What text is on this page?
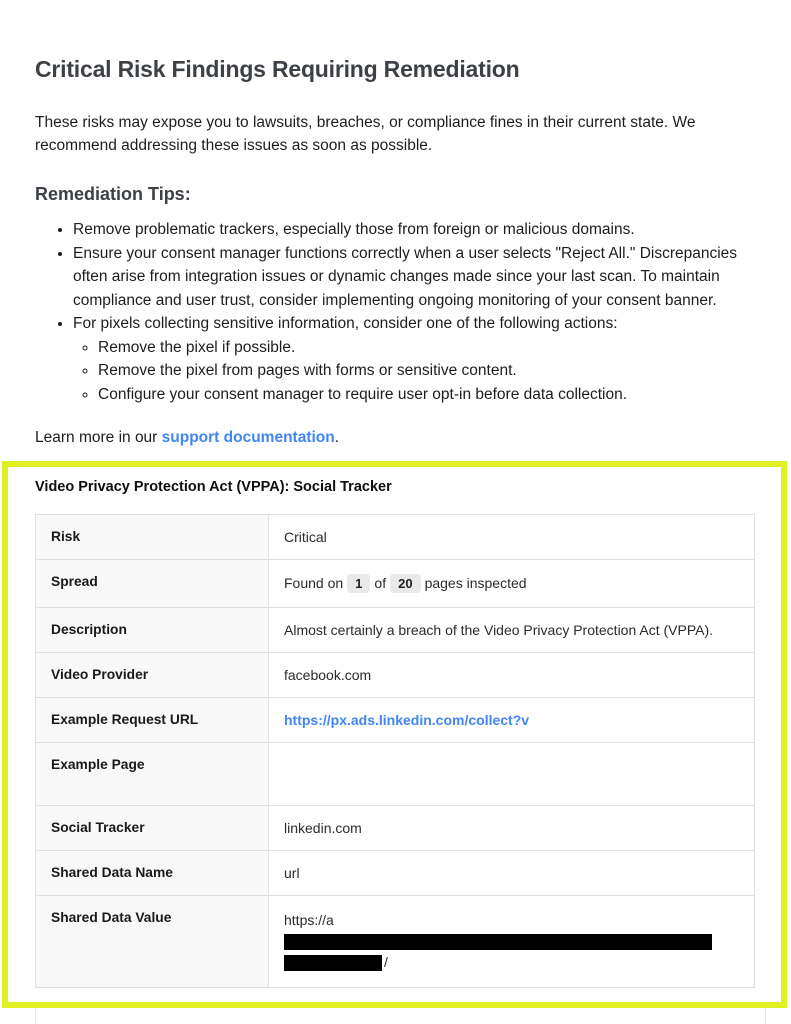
Critical Risk Findings Requiring Remediation

These risks may expose you to lawsuits, breaches, or compliance fines in their current state. We recommend addressing these issues as soon as possible.

Remediation Tips:
• Remove problematic trackers, especially those from foreign or malicious domains.
• Ensure your consent manager functions correctly when a user selects "Reject All." Discrepancies often arise from integration issues or dynamic changes made since your last scan. To maintain compliance and user trust, consider implementing ongoing monitoring of your consent banner.
• For pixels collecting sensitive information, consider one of the following actions:
◦ Remove the pixel if possible.
◦ Remove the pixel from pages with forms or sensitive content.
◦ Configure your consent manager to require user opt-in before data collection.

Learn more in our support documentation.

Video Privacy Protection Act (VPPA): Social Tracker
Risk	Critical
Spread	Found on 1 of 20 pages inspected
Description	Almost certainly a breach of the Video Privacy Protection Act (VPPA).
Video Provider	facebook.com
Example Request URL	https://px.ads.linkedin.com/collect?v
Example Page	
Social Tracker	linkedin.com
Shared Data Name	url
Shared Data Value	https://a
/
